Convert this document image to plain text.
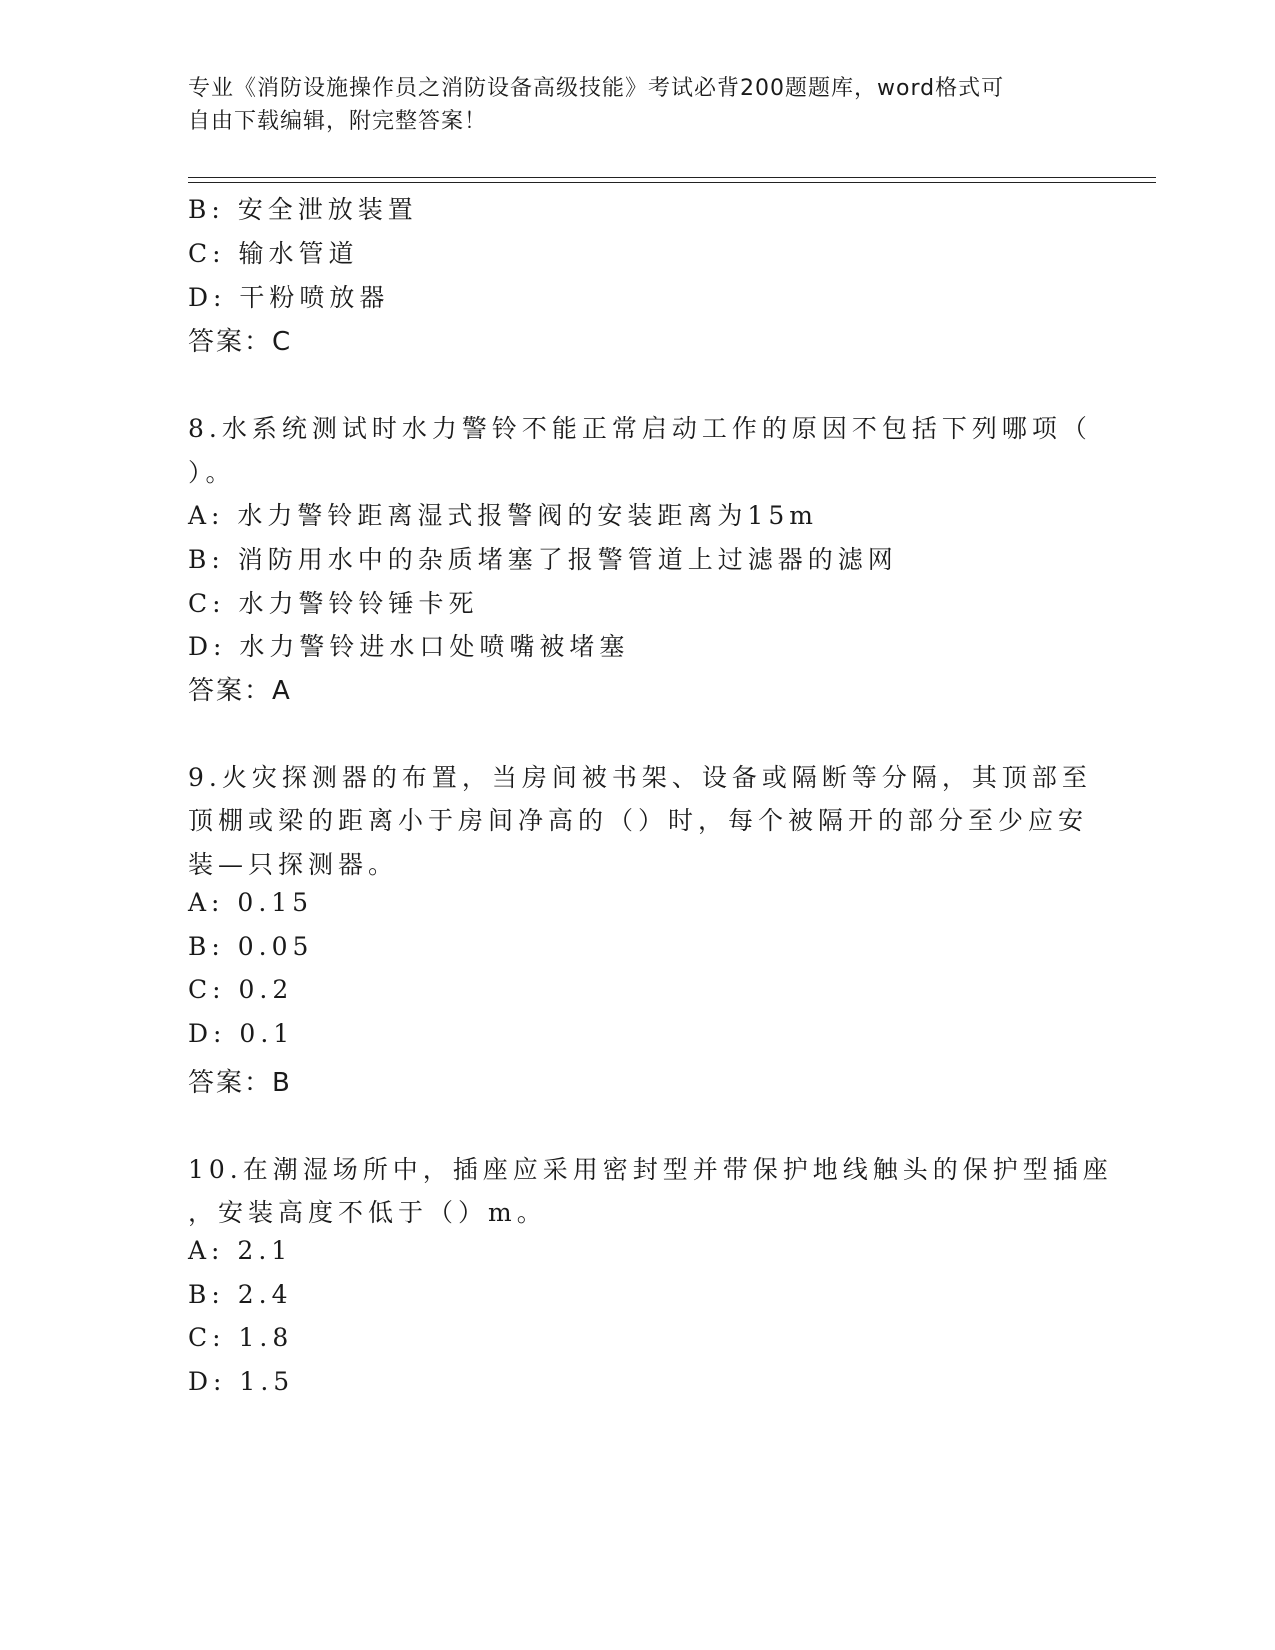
专业《消防设施操作员之消防设备高级技能》考试必背200题题库，word格式可
自由下载编辑，附完整答案！
B: 安全泄放装置
C: 输水管道
D: 干粉喷放器
答案：C
8.水系统测试时水力警铃不能正常启动工作的原因不包括下列哪项（
）。
A: 水力警铃距离湿式报警阀的安装距离为15m
B: 消防用水中的杂质堵塞了报警管道上过滤器的滤网
C: 水力警铃铃锤卡死
D: 水力警铃进水口处喷嘴被堵塞
答案：A
9.火灾探测器的布置，当房间被书架、设备或隔断等分隔，其顶部至
顶棚或梁的距离小于房间净高的（）时，每个被隔开的部分至少应安
装—只探测器。
A: 0.15
B: 0.05
C: 0.2
D: 0.1
答案：B
10.在潮湿场所中，插座应采用密封型并带保护地线触头的保护型插座
，安装高度不低于（）m。
A: 2.1
B: 2.4
C: 1.8
D: 1.5
